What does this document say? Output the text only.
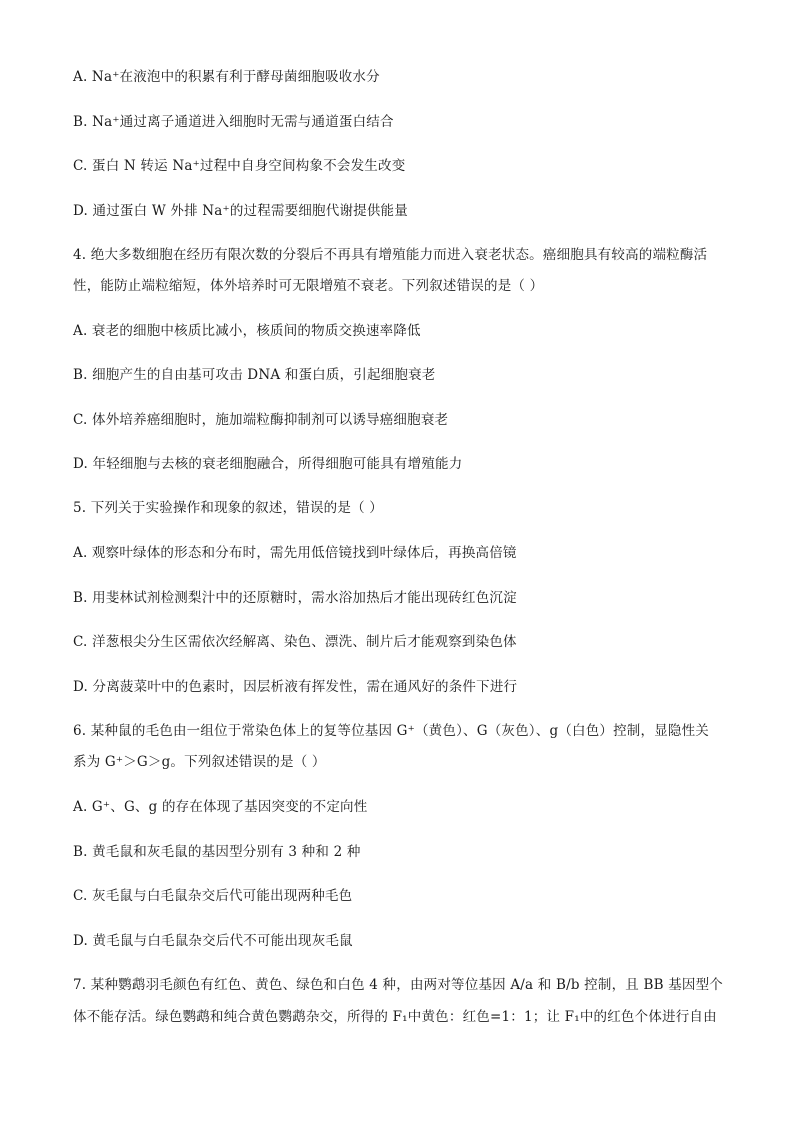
A. Na⁺在液泡中的积累有利于酵母菌细胞吸收水分
B. Na⁺通过离子通道进入细胞时无需与通道蛋白结合
C. 蛋白 N 转运 Na⁺过程中自身空间构象不会发生改变
D. 通过蛋白 W 外排 Na⁺的过程需要细胞代谢提供能量
4. 绝大多数细胞在经历有限次数的分裂后不再具有增殖能力而进入衰老状态。癌细胞具有较高的端粒酶活
性，能防止端粒缩短，体外培养时可无限增殖不衰老。下列叙述错误的是（ ）
A. 衰老的细胞中核质比减小，核质间的物质交换速率降低
B. 细胞产生的自由基可攻击 DNA 和蛋白质，引起细胞衰老
C. 体外培养癌细胞时，施加端粒酶抑制剂可以诱导癌细胞衰老
D. 年轻细胞与去核的衰老细胞融合，所得细胞可能具有增殖能力
5. 下列关于实验操作和现象的叙述，错误的是（ ）
A. 观察叶绿体的形态和分布时，需先用低倍镜找到叶绿体后，再换高倍镜
B. 用斐林试剂检测梨汁中的还原糖时，需水浴加热后才能出现砖红色沉淀
C. 洋葱根尖分生区需依次经解离、染色、漂洗、制片后才能观察到染色体
D. 分离菠菜叶中的色素时，因层析液有挥发性，需在通风好的条件下进行
6. 某种鼠的毛色由一组位于常染色体上的复等位基因 G⁺（黄色）、G（灰色）、g（白色）控制，显隐性关
系为 G⁺＞G＞g。下列叙述错误的是（ ）
A. G⁺、G、g 的存在体现了基因突变的不定向性
B. 黄毛鼠和灰毛鼠的基因型分别有 3 种和 2 种
C. 灰毛鼠与白毛鼠杂交后代可能出现两种毛色
D. 黄毛鼠与白毛鼠杂交后代不可能出现灰毛鼠
7. 某种鹦鹉羽毛颜色有红色、黄色、绿色和白色 4 种，由两对等位基因 A/a 和 B/b 控制，且 BB 基因型个
体不能存活。绿色鹦鹉和纯合黄色鹦鹉杂交，所得的 F₁中黄色：红色=1：1；让 F₁中的红色个体进行自由
